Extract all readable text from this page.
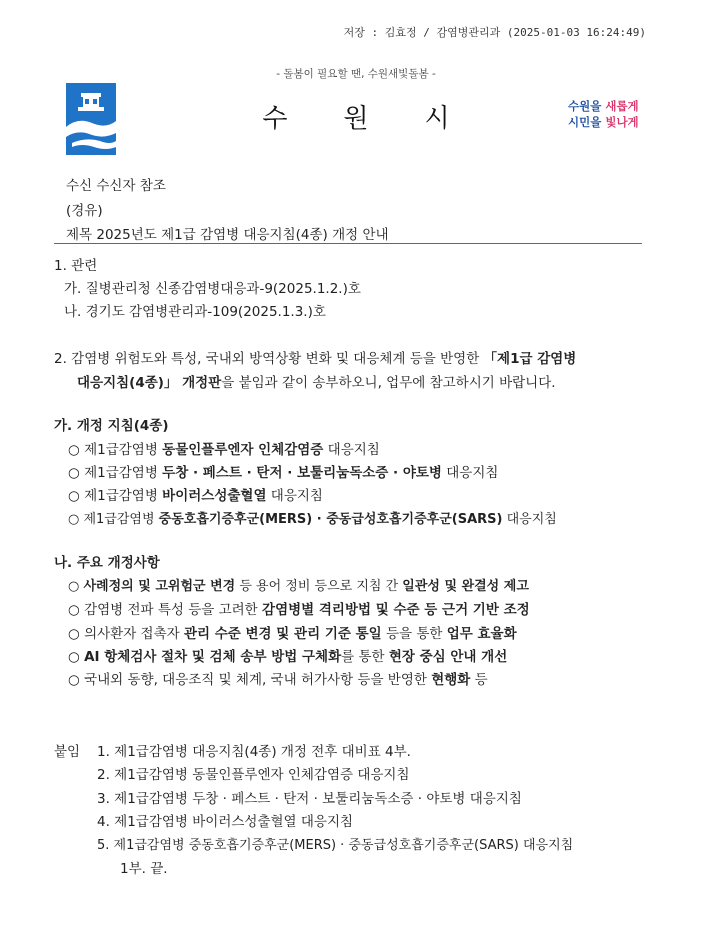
저장 : 김효정 / 감염병관리과 (2025-01-03 16:24:49)
- 돌봄이 필요할 땐, 수원새빛돌봄 -
수원시	수원을 새롭게
시민을 빛나게
수신 수신자 참조
(경유)
제목 2025년도 제1급 감염병 대응지침(4종) 개정 안내
1. 관련
가. 질병관리청 신종감염병대응과-9(2025.1.2.)호
나. 경기도 감염병관리과-109(2025.1.3.)호
2. 감염병 위험도와 특성, 국내외 방역상황 변화 및 대응체계 등을 반영한 「제1급 감염병
대응지침(4종)」 개정판을 붙임과 같이 송부하오니, 업무에 참고하시기 바랍니다.
가. 개정 지침(4종)
○ 제1급감염병 동물인플루엔자 인체감염증 대응지침
○ 제1급감염병 두창 · 페스트 · 탄저 · 보툴리눔독소증 · 야토병 대응지침
○ 제1급감염병 바이러스성출혈열 대응지침
○ 제1급감염병 중동호흡기증후군(MERS) · 중동급성호흡기증후군(SARS) 대응지침
나. 주요 개정사항
○ 사례정의 및 고위험군 변경 등 용어 정비 등으로 지침 간 일관성 및 완결성 제고
○ 감염병 전파 특성 등을 고려한 감염병별 격리방법 및 수준 등 근거 기반 조정
○ 의사환자 접촉자 관리 수준 변경 및 관리 기준 통일 등을 통한 업무 효율화
○ AI 항체검사 절차 및 검체 송부 방법 구체화를 통한 현장 중심 안내 개선
○ 국내외 동향, 대응조직 및 체계, 국내 허가사항 등을 반영한 현행화 등
붙임 1. 제1급감염병 대응지침(4종) 개정 전후 대비표 4부.
2. 제1급감염병 동물인플루엔자 인체감염증 대응지침
3. 제1급감염병 두창 · 페스트 · 탄저 · 보툴리눔독소증 · 야토병 대응지침
4. 제1급감염병 바이러스성출혈열 대응지침
5. 제1급감염병 중동호흡기증후군(MERS) · 중동급성호흡기증후군(SARS) 대응지침
1부. 끝.
